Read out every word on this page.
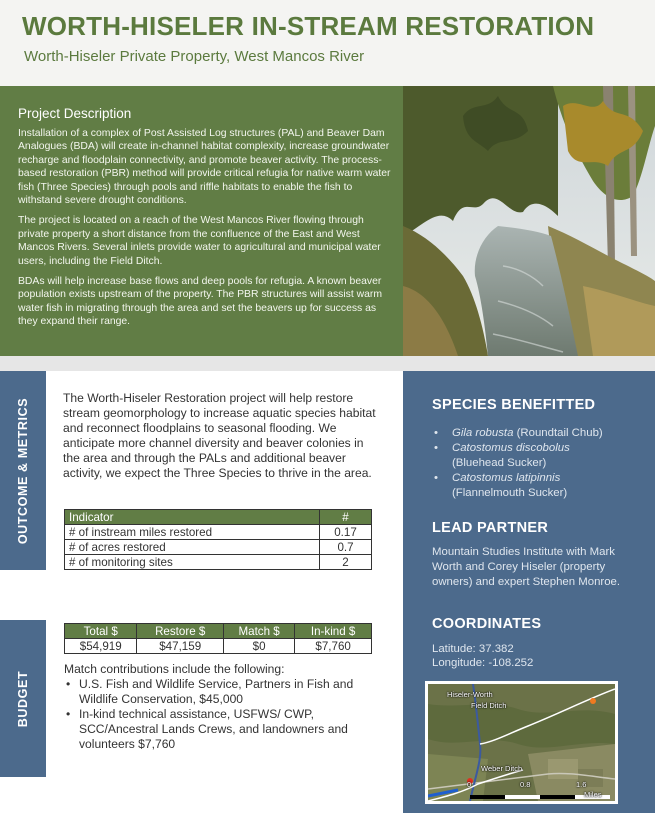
WORTH-HISELER IN-STREAM RESTORATION
Worth-Hiseler Private Property, West Mancos River
Project Description

Installation of a complex of Post Assisted Log structures (PAL) and Beaver Dam Analogues (BDA) will create in-channel habitat complexity, increase groundwater recharge and floodplain connectivity, and promote beaver activity. The process-based restoration (PBR) method will provide critical refugia for native warm water fish (Three Species) through pools and riffle habitats to enable the fish to withstand severe drought conditions.

The project is located on a reach of the West Mancos River flowing through private property a short distance from the confluence of the East and West Mancos Rivers. Several inlets provide water to agricultural and municipal water users, including the Field Ditch.

BDAs will help increase base flows and deep pools for refugia. A known beaver population exists upstream of the property. The PBR structures will assist warm water fish in migrating through the area and set the beavers up for success as they expand their range.

OUTCOME & METRICS	The Worth-Hiseler Restoration project will help restore stream geomorphology to increase aquatic species habitat and reconnect floodplains to seasonal flooding. We anticipate more channel diversity and beaver colonies in the area and through the PALs and additional beaver activity, we expect the Three Species to thrive in the area.

Indicator	#
# of instream miles restored	0.17
# of acres restored	0.7
# of monitoring sites	2
BUDGET
Total $	Restore $	Match $	In-kind $
$54,919	$47,159	$0	$7,760
Match contributions include the following:
• U.S. Fish and Wildlife Service, Partners in Fish and Wildlife Conservation, $45,000
• In-kind technical assistance, USFWS/ CWP, SCC/Ancestral Lands Crews, and landowners and volunteers $7,760
SPECIES BENEFITTED
• Gila robusta (Roundtail Chub)
• Catostomus discobolus
(Bluehead Sucker)
• Catostomus latipinnis
(Flannelmouth Sucker)
LEAD PARTNER

Mountain Studies Institute with Mark Worth and Corey Hiseler (property owners) and expert Stephen Monroe.

COORDINATES
Latitude: 37.382
Longitude: -108.252
Hiseler-Worth
Field Ditch
Weber Ditch
0	0.8	1.6
Miles
